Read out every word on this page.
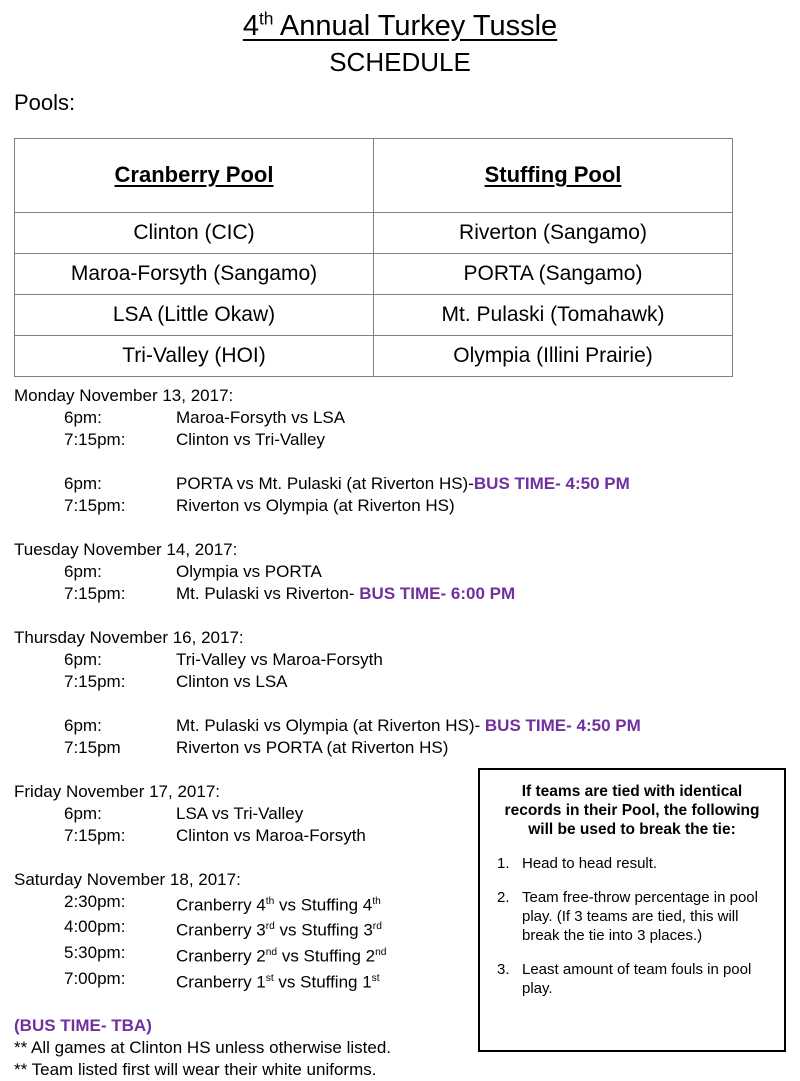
4th Annual Turkey Tussle
SCHEDULE
Pools:
Cranberry Pool	Stuffing Pool
Clinton (CIC)	Riverton (Sangamo)
Maroa-Forsyth (Sangamo)	PORTA (Sangamo)
LSA (Little Okaw)	Mt. Pulaski (Tomahawk)
Tri-Valley (HOI)	Olympia (Illini Prairie)
Monday November 13, 2017:
6pm:	Maroa-Forsyth vs LSA
7:15pm:	Clinton vs Tri-Valley
6pm:	PORTA vs Mt. Pulaski (at Riverton HS)-BUS TIME- 4:50 PM
7:15pm:	Riverton vs Olympia (at Riverton HS)
Tuesday November 14, 2017:
6pm:	Olympia vs PORTA
7:15pm:	Mt. Pulaski vs Riverton- BUS TIME- 6:00 PM
Thursday November 16, 2017:
6pm:	Tri-Valley vs Maroa-Forsyth
7:15pm:	Clinton vs LSA
6pm:	Mt. Pulaski vs Olympia (at Riverton HS)- BUS TIME- 4:50 PM
7:15pm	Riverton vs PORTA (at Riverton HS)
Friday November 17, 2017:
6pm:	LSA vs Tri-Valley
7:15pm:	Clinton vs Maroa-Forsyth
Saturday November 18, 2017:
2:30pm:	Cranberry 4th vs Stuffing 4th
4:00pm:	Cranberry 3rd vs Stuffing 3rd
5:30pm:	Cranberry 2nd vs Stuffing 2nd
7:00pm:	Cranberry 1st vs Stuffing 1st
(BUS TIME- TBA)
** All games at Clinton HS unless otherwise listed.
** Team listed first will wear their white uniforms.
If teams are tied with identical records in their Pool, the following will be used to break the tie:
1. Head to head result.
2. Team free-throw percentage in pool play. (If 3 teams are tied, this will break the tie into 3 places.)
3. Least amount of team fouls in pool play.
